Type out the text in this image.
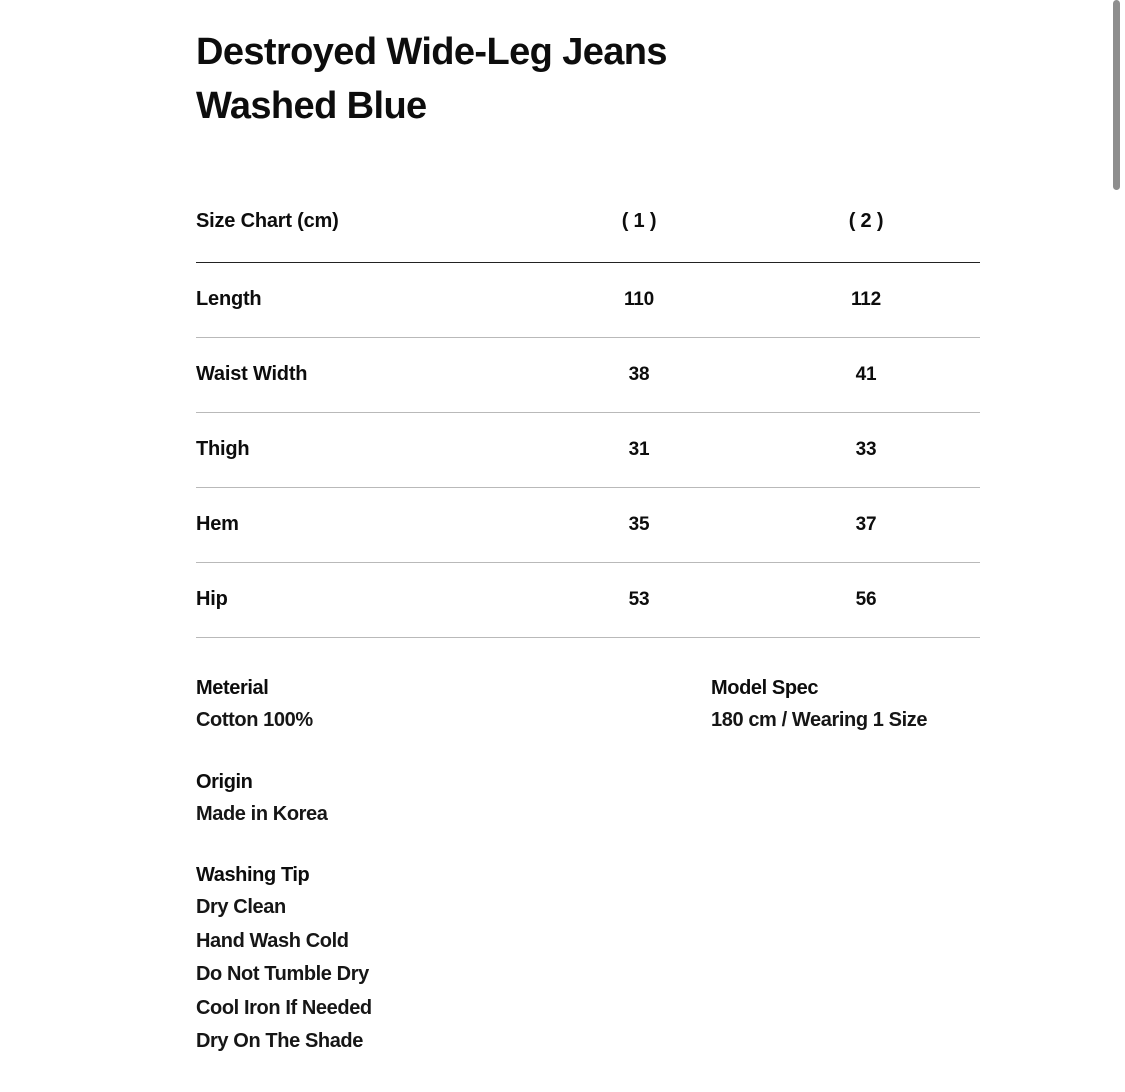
Destroyed Wide-Leg Jeans
Washed Blue
Size Chart (cm)	( 1 )	( 2 )
Length	110	112
Waist Width	38	41
Thigh	31	33
Hem	35	37
Hip	53	56
Meterial
Cotton 100%
Origin
Made in Korea
Washing Tip
Dry Clean
Hand Wash Cold
Do Not Tumble Dry
Cool Iron If Needed
Dry On The Shade
Model Spec
180 cm / Wearing 1 Size
